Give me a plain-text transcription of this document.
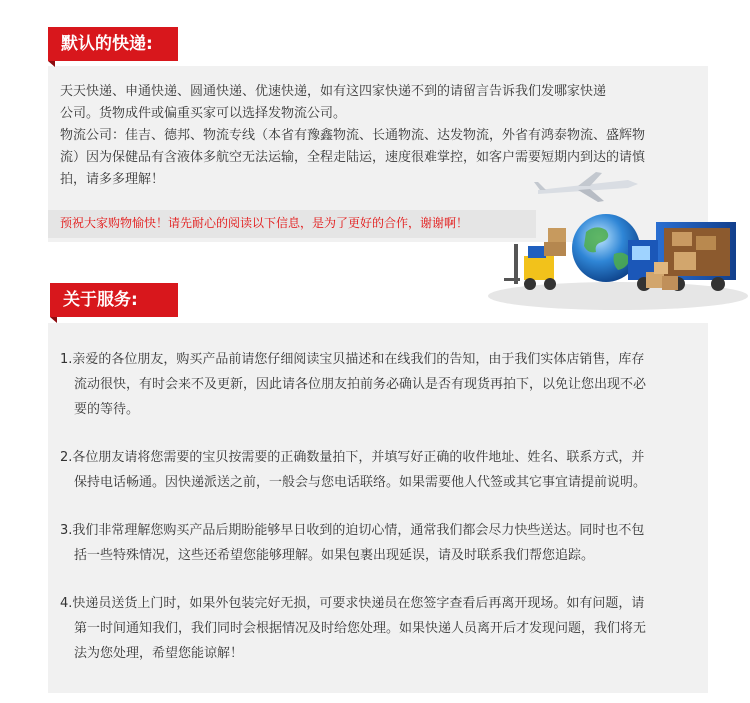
默认的快递:

天天快递、申通快递、圆通快递、优速快递，如有这四家快递不到的请留言告诉我们发哪家快递

公司。货物成件或偏重买家可以选择发物流公司。

物流公司：佳吉、德邦、物流专线（本省有豫鑫物流、长通物流、达发物流，外省有鸿泰物流、盛辉物

流）因为保健品有含液体多航空无法运输，全程走陆运，速度很难掌控，如客户需要短期内到达的请慎

拍，请多多理解！

预祝大家购物愉快！请先耐心的阅读以下信息，是为了更好的合作，谢谢啊！
关于服务:
1.亲爱的各位朋友，购买产品前请您仔细阅读宝贝描述和在线我们的告知，由于我们实体店销售，库存
流动很快，有时会来不及更新，因此请各位朋友拍前务必确认是否有现货再拍下，以免让您出现不必
要的等待。
2.各位朋友请将您需要的宝贝按需要的正确数量拍下，并填写好正确的收件地址、姓名、联系方式，并
保持电话畅通。因快递派送之前，一般会与您电话联络。如果需要他人代签或其它事宜请提前说明。
3.我们非常理解您购买产品后期盼能够早日收到的迫切心情，通常我们都会尽力快些送达。同时也不包
括一些特殊情况，这些还希望您能够理解。如果包裹出现延误，请及时联系我们帮您追踪。
4.快递员送货上门时，如果外包装完好无损，可要求快递员在您签字查看后再离开现场。如有问题，请
第一时间通知我们，我们同时会根据情况及时给您处理。如果快递人员离开后才发现问题，我们将无
法为您处理，希望您能谅解！
